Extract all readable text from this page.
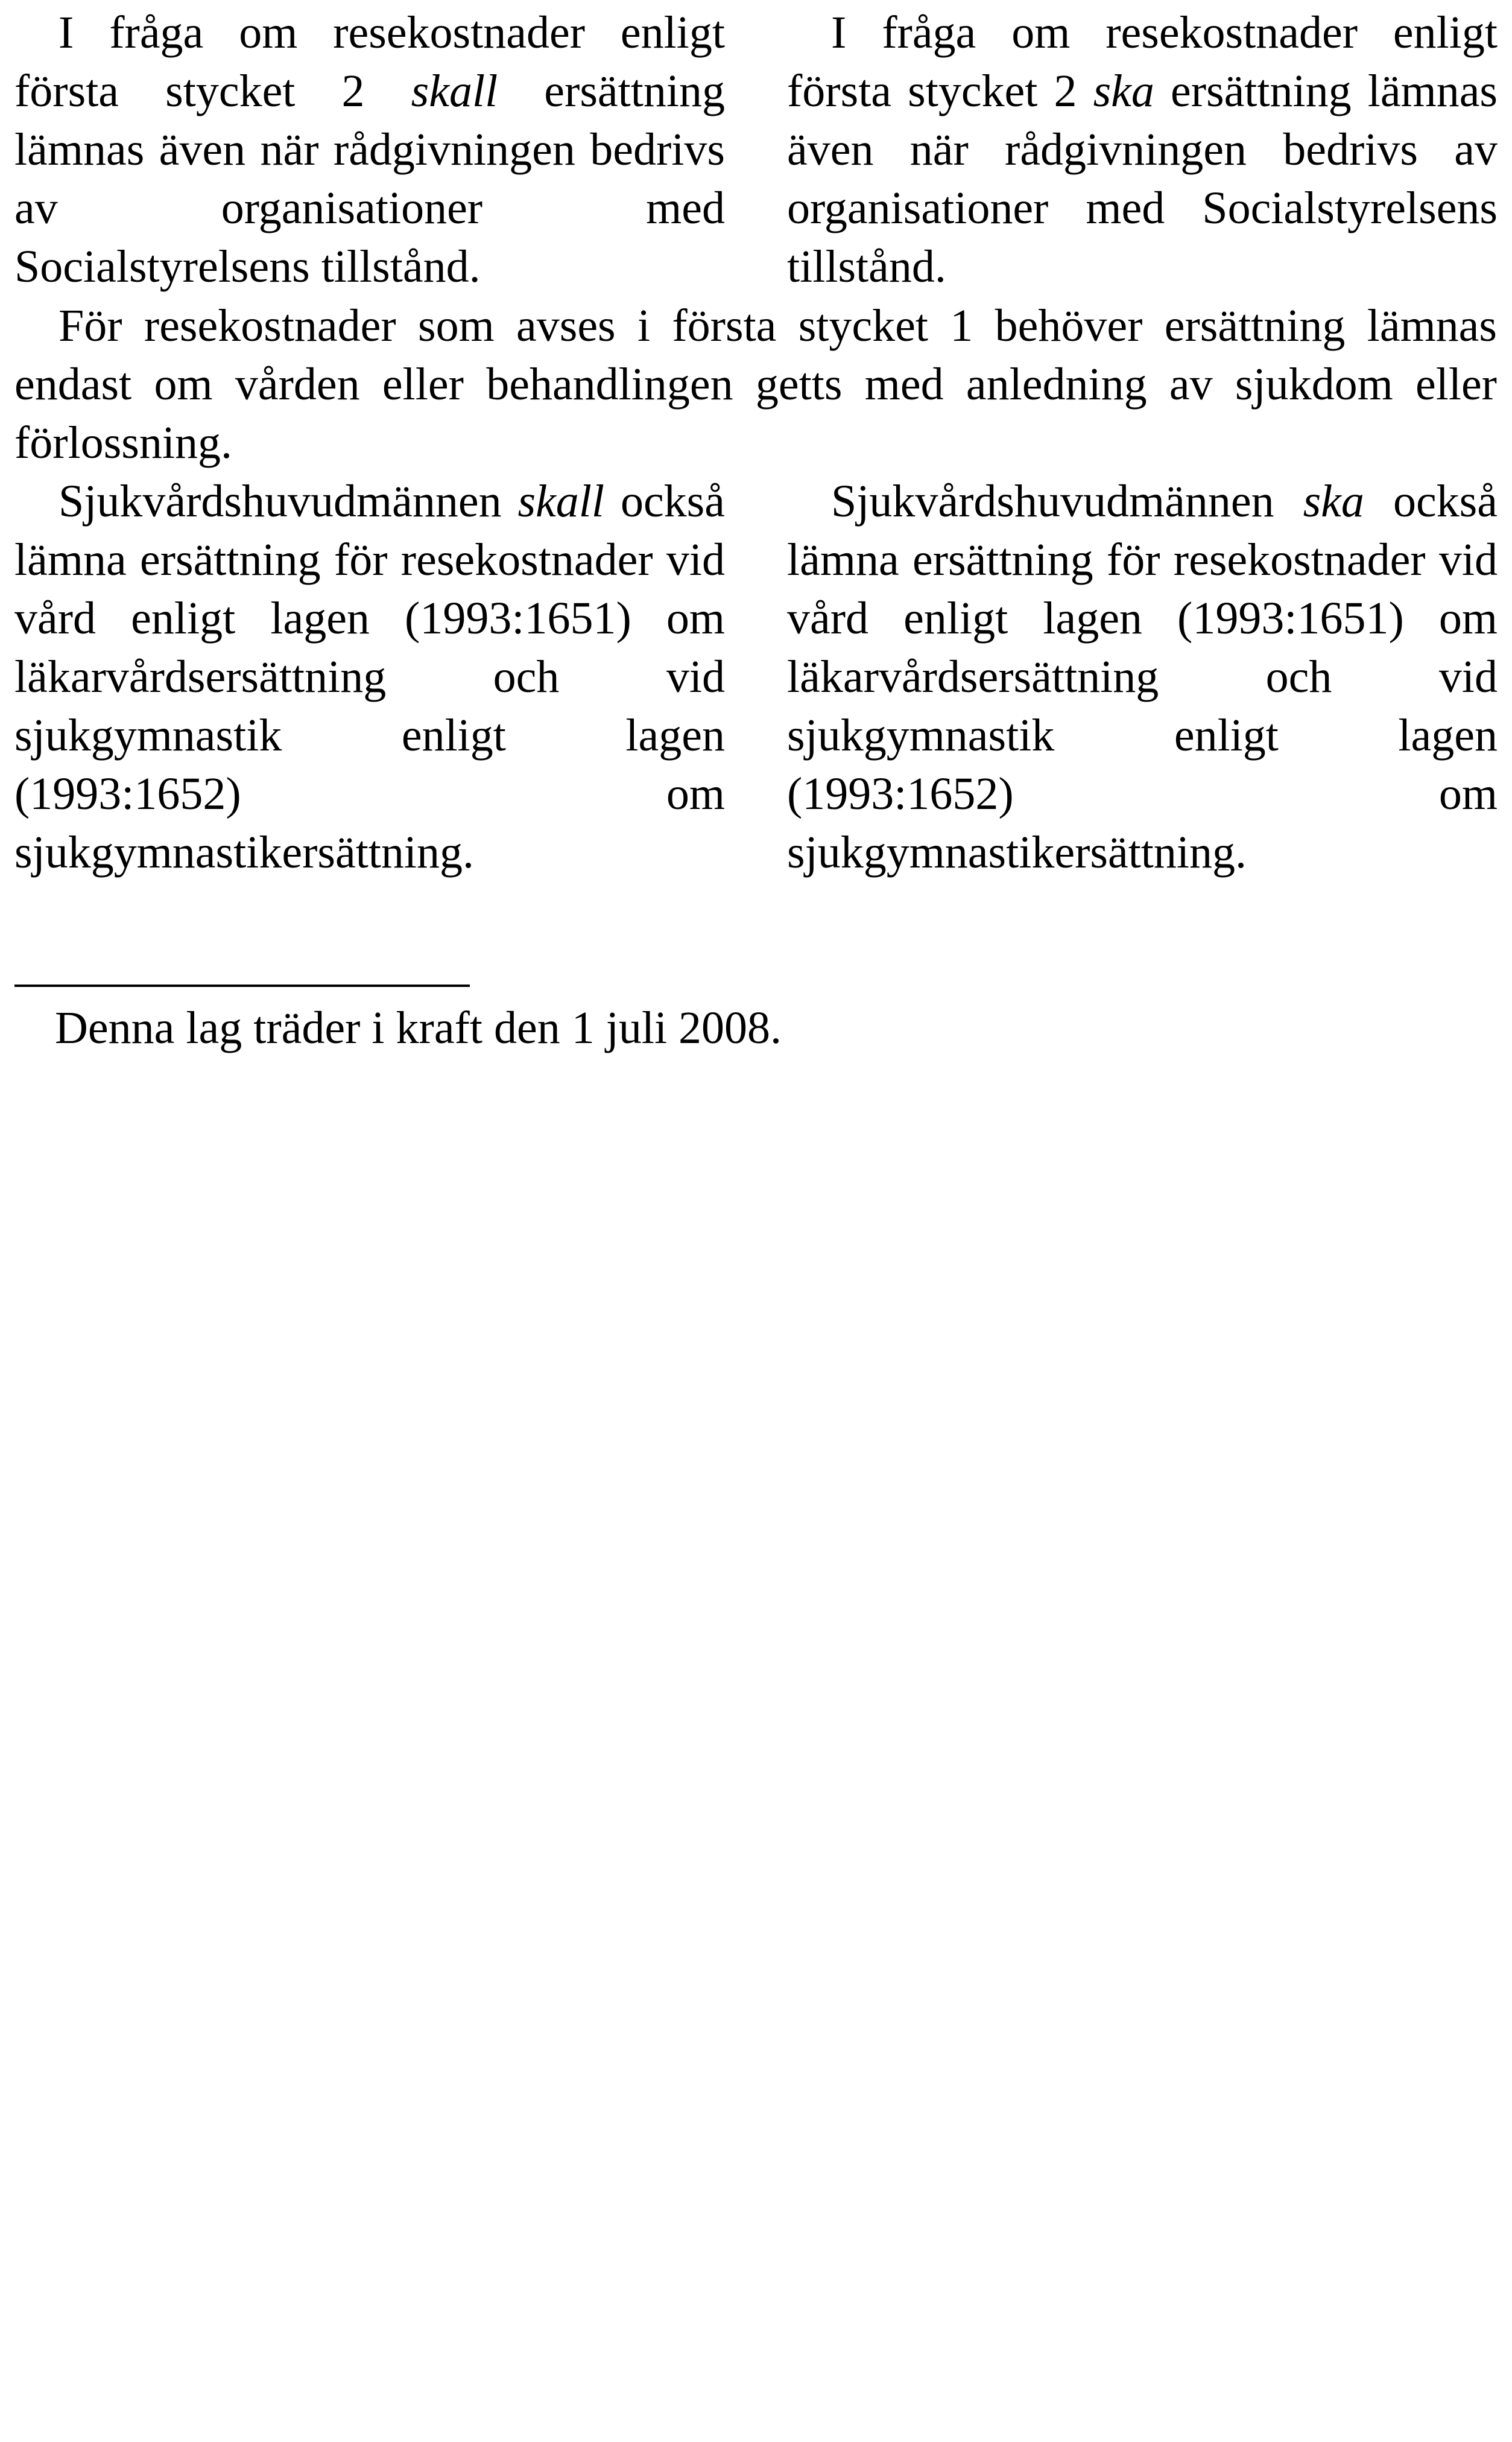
I fråga om resekostnader enligt första stycket 2 skall ersättning lämnas även när rådgivningen bedrivs av organisationer med Socialstyrelsens tillstånd.
I fråga om resekostnader enligt första stycket 2 ska ersättning lämnas även när rådgivningen bedrivs av organisationer med Socialstyrelsens tillstånd.
För resekostnader som avses i första stycket 1 behöver ersättning lämnas endast om vården eller behandlingen getts med anledning av sjukdom eller förlossning.
Sjukvårdshuvudmännen skall också lämna ersättning för resekostnader vid vård enligt lagen (1993:1651) om läkarvårdsersättning och vid sjukgymnastik enligt lagen (1993:1652) om sjukgymnastikersättning.
Sjukvårdshuvudmännen ska också lämna ersättning för resekostnader vid vård enligt lagen (1993:1651) om läkarvårdsersättning och vid sjukgymnastik enligt lagen (1993:1652) om sjukgymnastikersättning.
Denna lag träder i kraft den 1 juli 2008.
